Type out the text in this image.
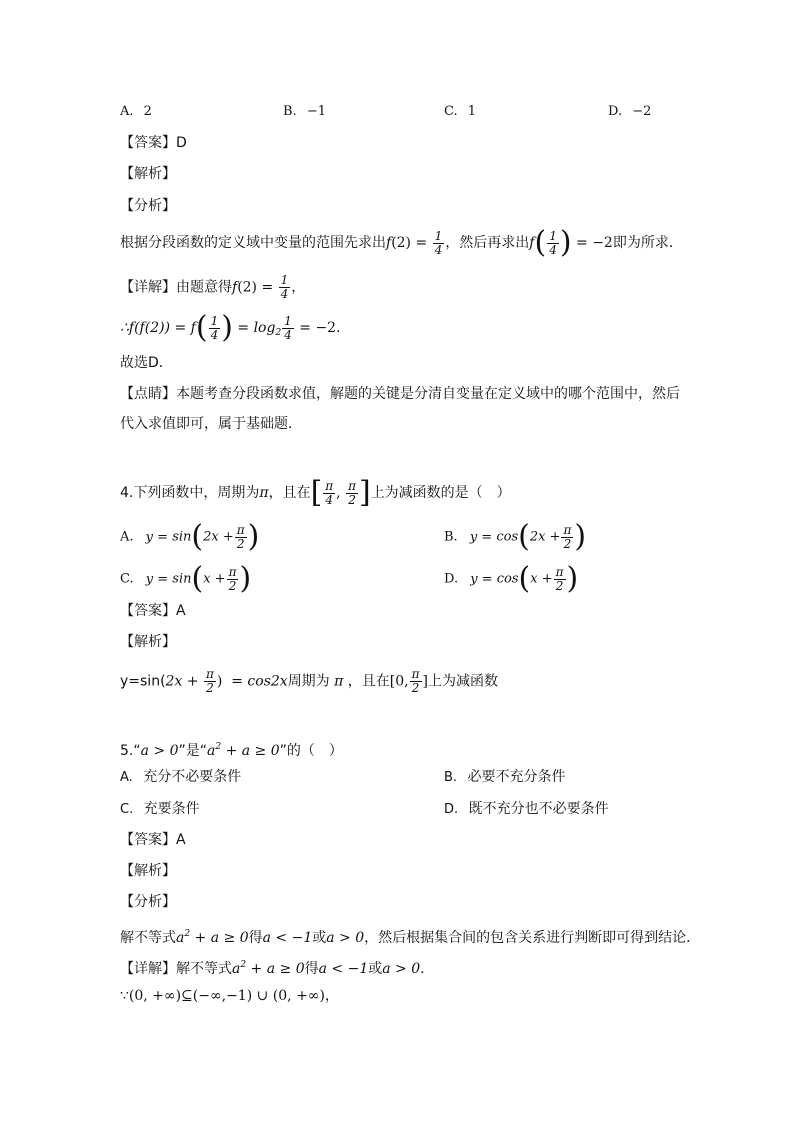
A. 2	B. −1	C. 1	D. −2
【答案】D
【解析】
【分析】
根据分段函数的定义域中变量的范围先求出$f(2) = \frac{1}{4}$ ，然后再求出$f( \frac{1}{4}$ ) = −2即为所求．
【详解】由题意得$f(2) = \frac{1}{4}$ ，
∴f(f(2)) = $f( \frac{1}{4}$ ) = $\log_2 \frac{1}{4} = -2$．
故选D．
【点睛】本题考查分段函数求值，解题的关键是分清自变量在定义域中的哪个范围中，然后
代入求值即可，属于基础题．
4.下列函数中，周期为π，且在[ $\frac{\pi}{4}$ , $\frac{\pi}{2}$ ]上为减函数的是（　）
A. $y = \sin(2x + \frac{\pi}{2}$ )	B. $y = \cos(2x + \frac{\pi}{2}$ )
C. $y = \sin(x + \frac{\pi}{2}$ )	D. $y = \cos(x + \frac{\pi}{2}$ )
【答案】A
【解析】
$y=\sin(2x + \frac{\pi}{2}$ )  = cos2x周期为 π ，且在[0, $\frac{\pi}{2}$ ]上为减函数
5.“a > 0”是“$a^2 + a \ge 0$”的（　）
A. 充分不必要条件	B. 必要不充分条件
C. 充要条件	D. 既不充分也不必要条件
【答案】A
【解析】
【分析】
解不等式$a^2 + a \ge 0$得a < −1或a > 0，然后根据集合间的包含关系进行判断即可得到结论．
【详解】解不等式$a^2 + a \ge 0$得a < −1或a > 0．
∵(0, +∞)⊆(−∞,−1) ∪ (0, +∞)，
